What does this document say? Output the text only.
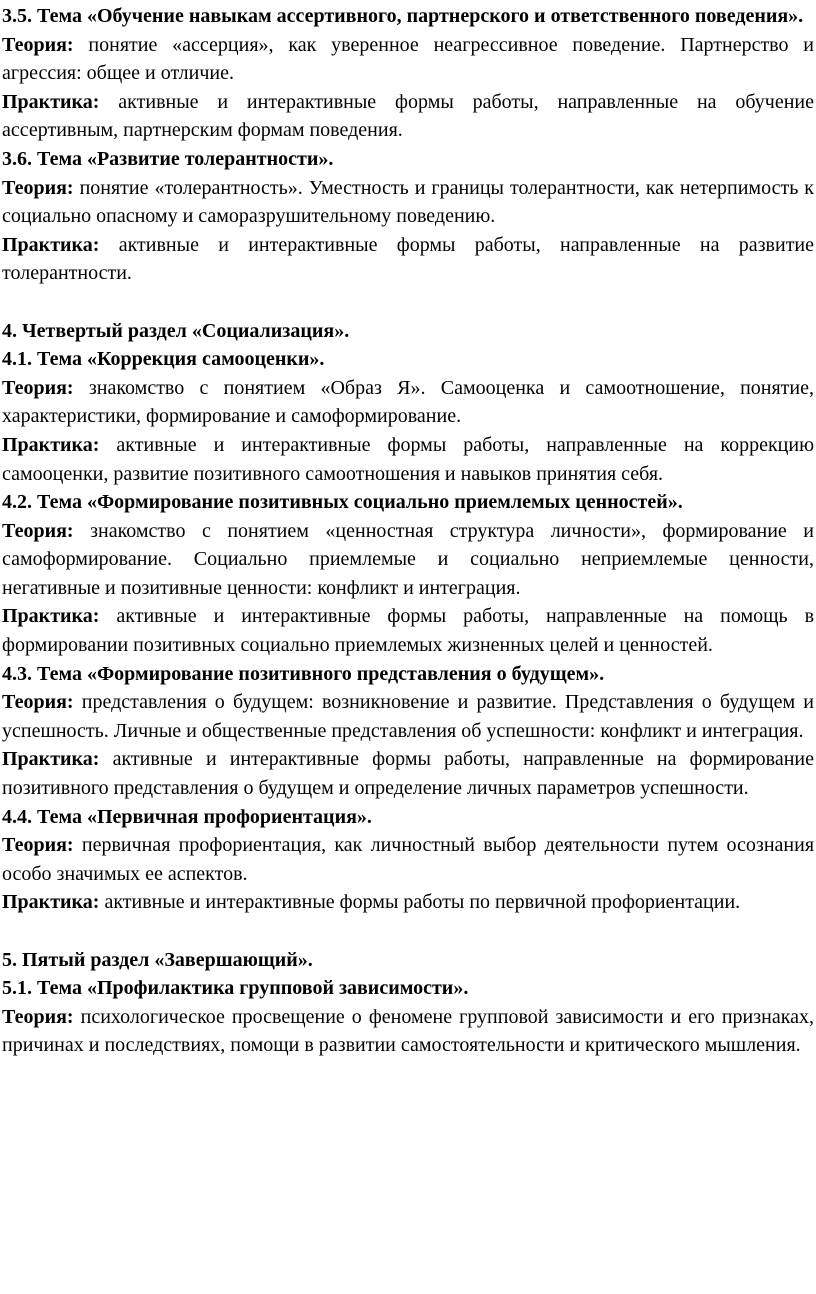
3.5. Тема «Обучение навыкам ассертивного, партнерского и ответственного поведения».

Теория: понятие «ассерция», как уверенное неагрессивное поведение. Партнерство и агрессия: общее и отличие.

Практика: активные и интерактивные формы работы, направленные на обучение ассертивным, партнерским формам поведения.

3.6. Тема «Развитие толерантности».

Теория: понятие «толерантность». Уместность и границы толерантности, как нетерпимость к социально опасному и саморазрушительному поведению.

Практика: активные и интерактивные формы работы, направленные на развитие толерантности.

4. Четвертый раздел «Социализация».

4.1. Тема «Коррекция самооценки».

Теория: знакомство с понятием «Образ Я». Самооценка и самоотношение, понятие, характеристики, формирование и самоформирование.

Практика: активные и интерактивные формы работы, направленные на коррекцию самооценки, развитие позитивного самоотношения и навыков принятия себя.

4.2. Тема «Формирование позитивных социально приемлемых ценностей».

Теория: знакомство с понятием «ценностная структура личности», формирование и самоформирование. Социально приемлемые и социально неприемлемые ценности, негативные и позитивные ценности: конфликт и интеграция.

Практика: активные и интерактивные формы работы, направленные на помощь в формировании позитивных социально приемлемых жизненных целей и ценностей.

4.3. Тема «Формирование позитивного представления о будущем».

Теория: представления о будущем: возникновение и развитие. Представления о будущем и успешность. Личные и общественные представления об успешности: конфликт и интеграция.

Практика: активные и интерактивные формы работы, направленные на формирование позитивного представления о будущем и определение личных параметров успешности.

4.4. Тема «Первичная профориентация».

Теория: первичная профориентация, как личностный выбор деятельности путем осознания особо значимых ее аспектов.

Практика: активные и интерактивные формы работы по первичной профориентации.

5. Пятый раздел «Завершающий».

5.1. Тема «Профилактика групповой зависимости».

Теория: психологическое просвещение о феномене групповой зависимости и его признаках, причинах и последствиях, помощи в развитии самостоятельности и критического мышления.
